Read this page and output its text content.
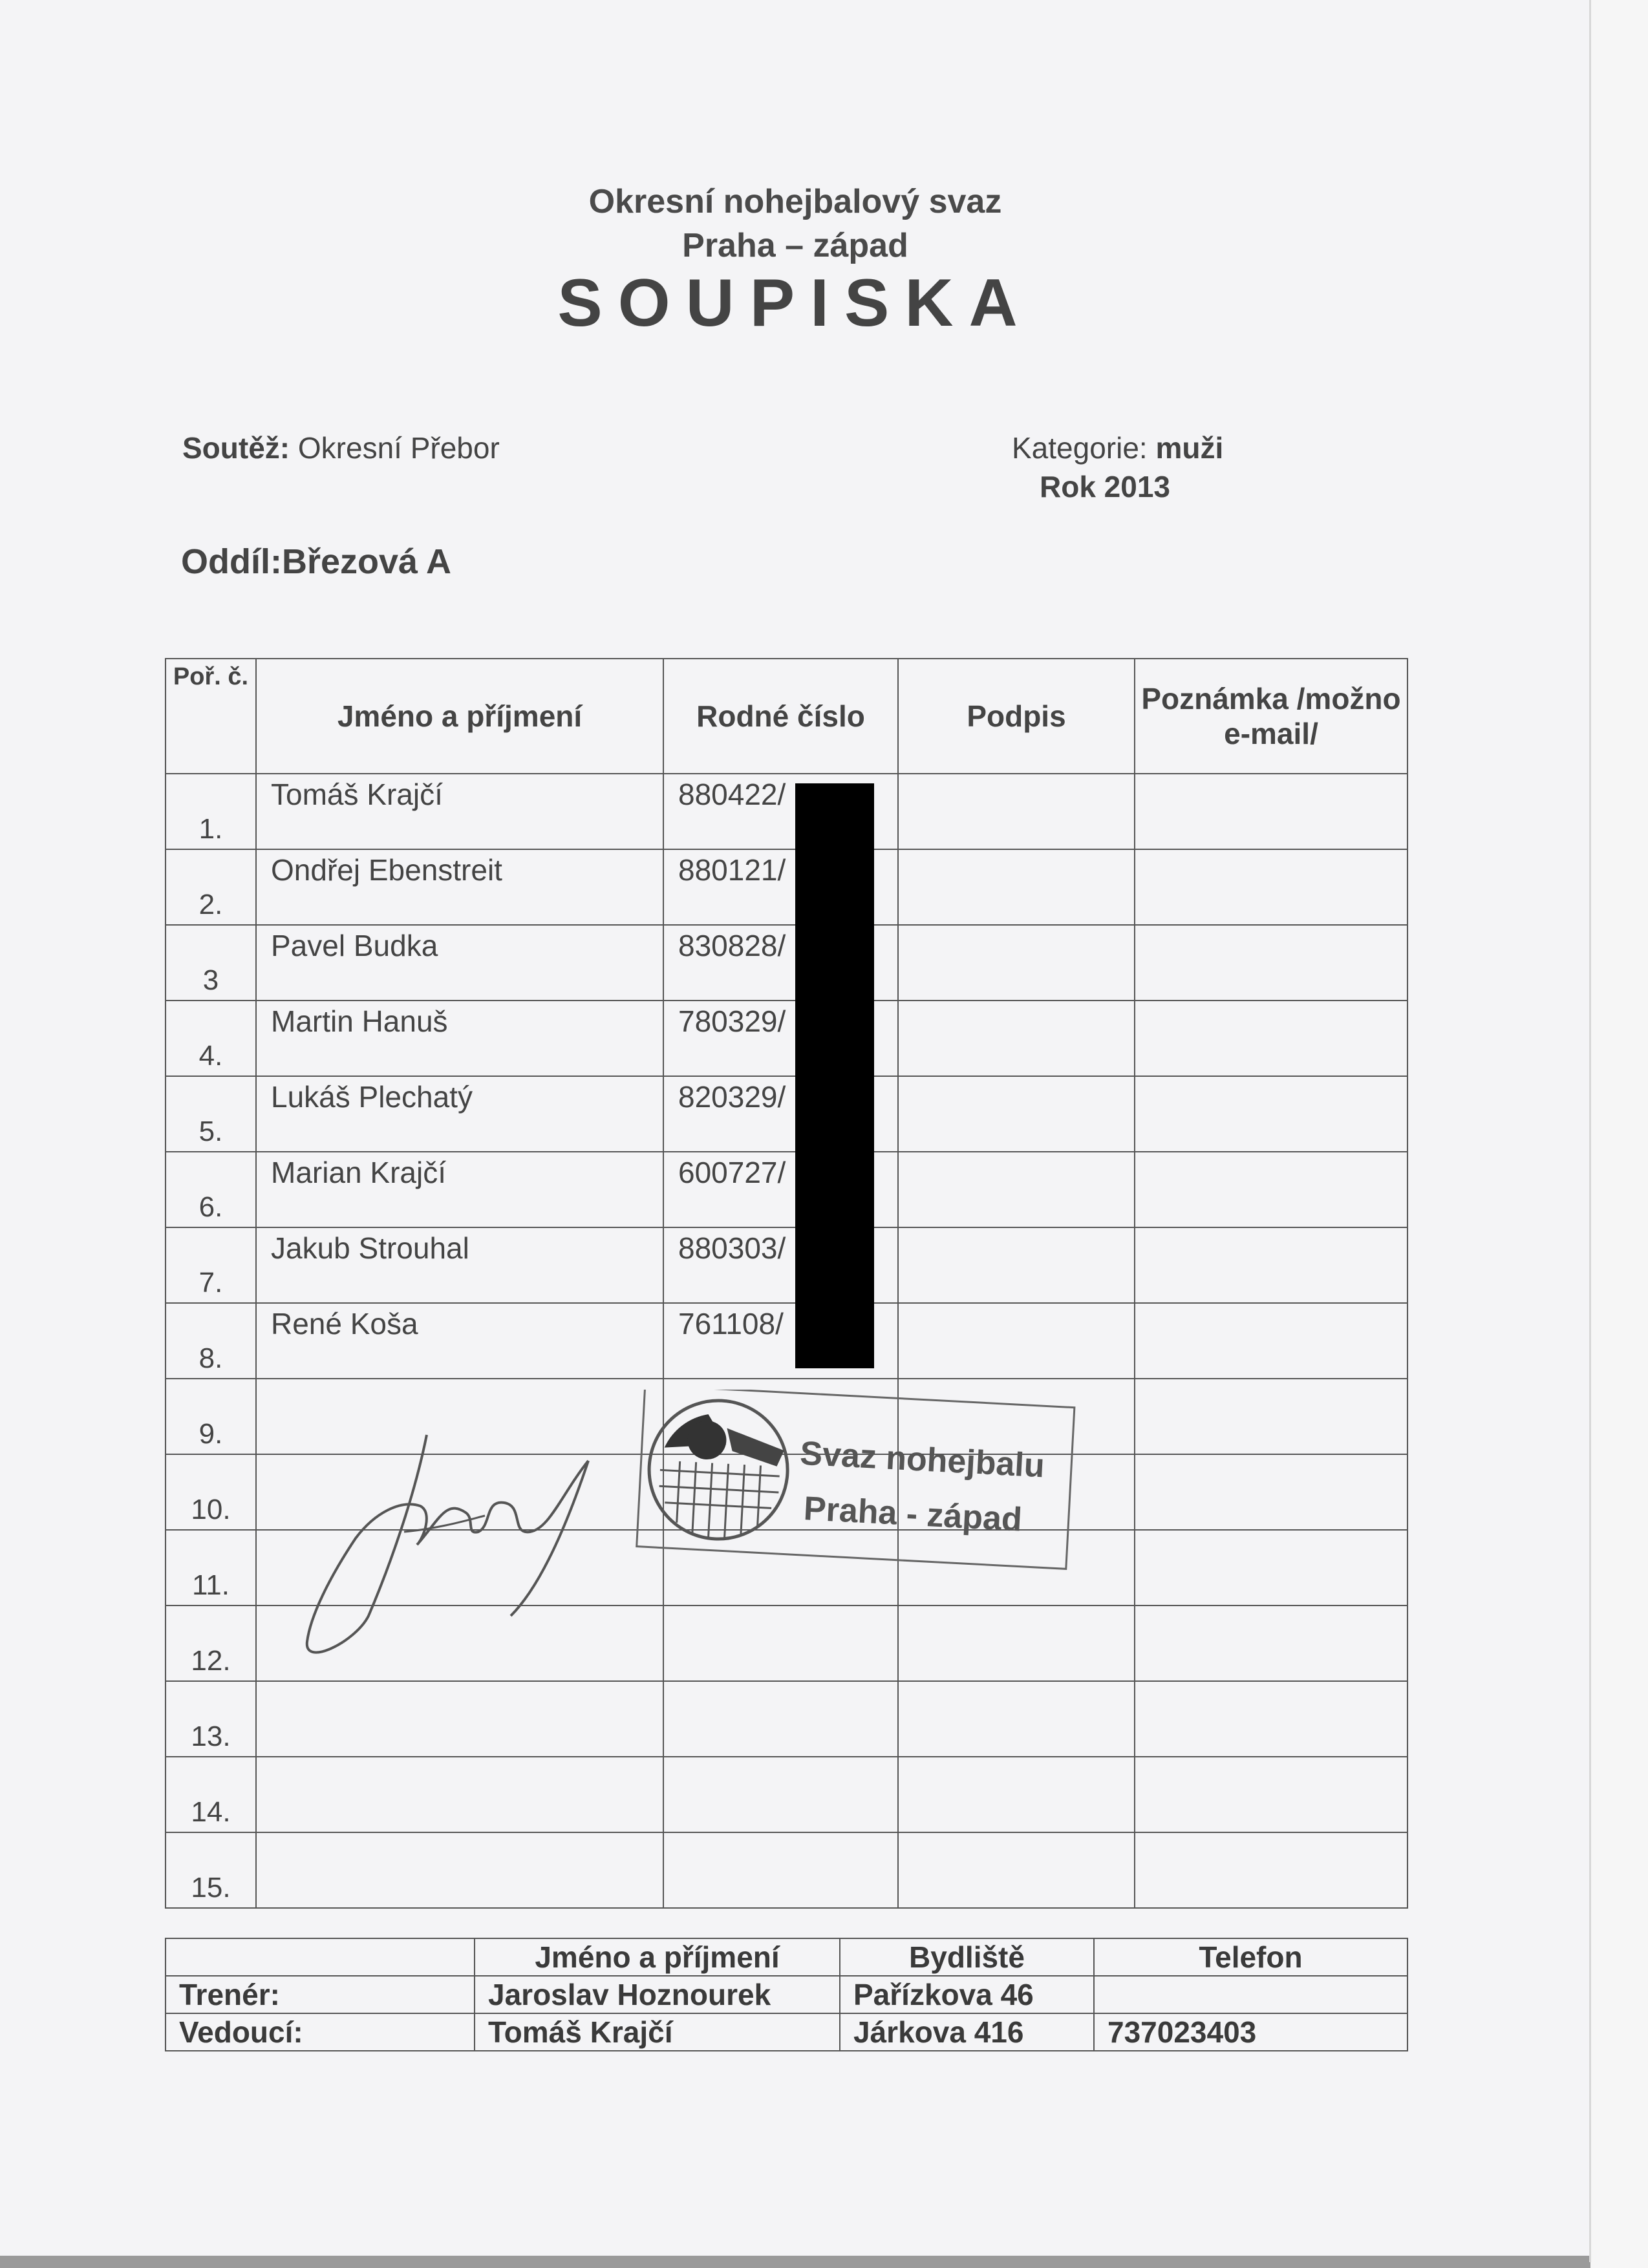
Okresní nohejbalový svaz
Praha – západ
SOUPISKA
Soutěž: Okresní Přebor	Kategorie: muži
Rok 2013
Oddíl:Březová A
Poř. č.	Jméno a příjmení	Rodné číslo	Podpis	Poznámka /možno e-mail/

1.	Tomáš Krajčí	880422/		

2.	Ondřej Ebenstreit	880121/		

3	Pavel Budka	830828/		

4.	Martin Hanuš	780329/		

5.	Lukáš Plechatý	820329/		

6.	Marian Krajčí	600727/		

7.	Jakub Strouhal	880303/		

8.	René Koša	761108/		

9.				

10.				

11.				

12.				

13.				

14.				

15.				

Svaz nohejbalu
Praha - západ
	Jméno a příjmení	Bydliště	Telefon
Trenér:	Jaroslav Hoznourek	Pařízkova 46	
Vedoucí:	Tomáš Krajčí	Járkova 416	737023403
